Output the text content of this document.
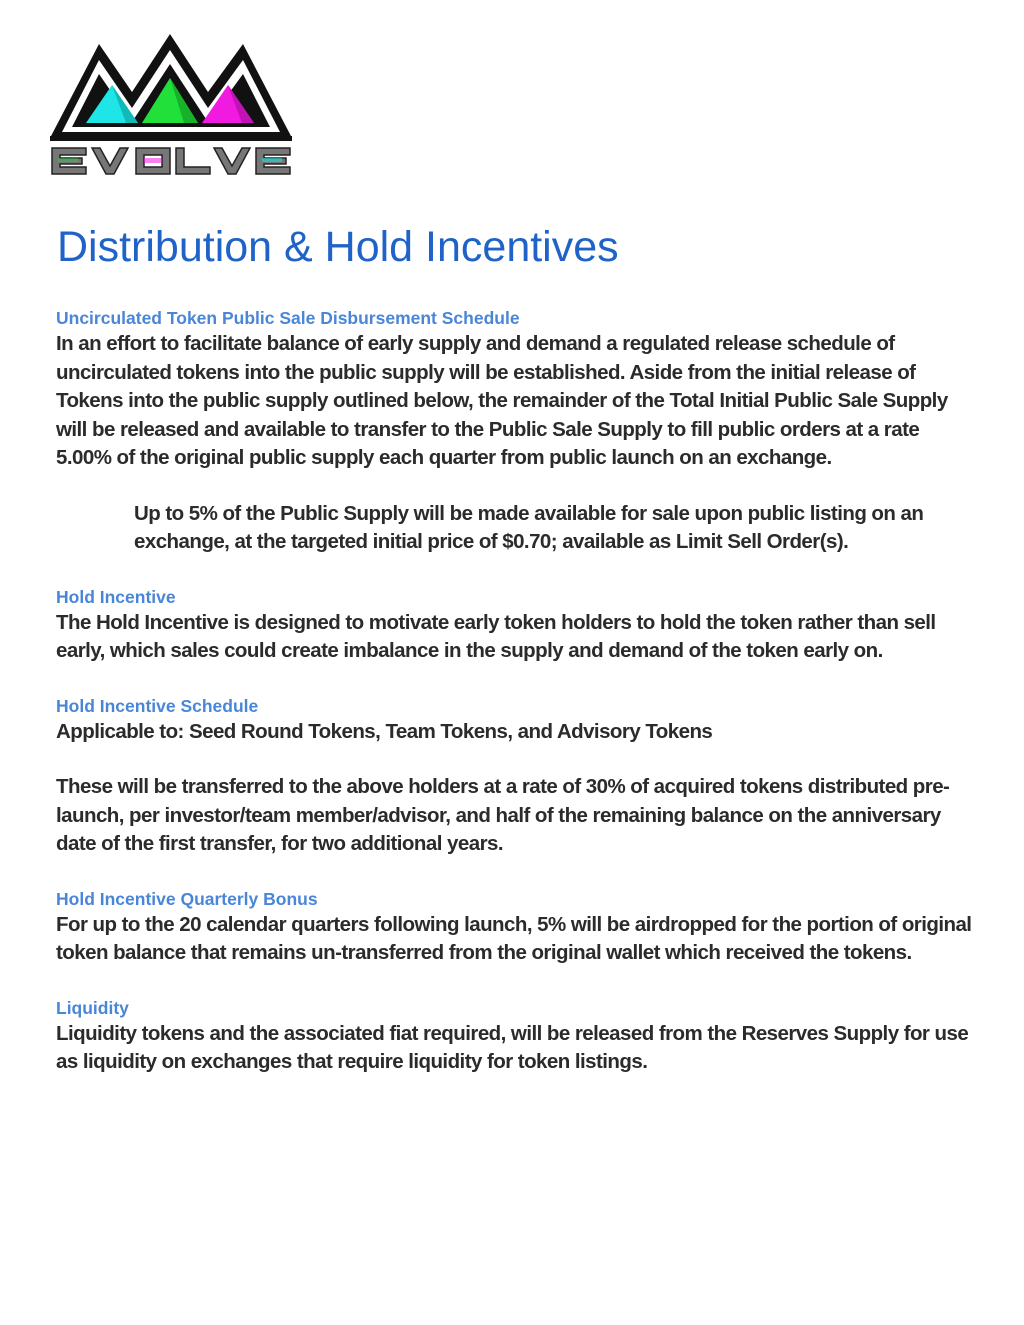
Distribution & Hold Incentives

Uncirculated Token Public Sale Disbursement Schedule

In an effort to facilitate balance of early supply and demand a regulated release schedule of uncirculated tokens into the public supply will be established. Aside from the initial release of Tokens into the public supply outlined below, the remainder of the Total Initial Public Sale Supply will be released and available to transfer to the Public Sale Supply to fill public orders at a rate 5.00% of the original public supply each quarter from public launch on an exchange.

Up to 5% of the Public Supply will be made available for sale upon public listing on an exchange, at the targeted initial price of $0.70; available as Limit Sell Order(s).

Hold Incentive

The Hold Incentive is designed to motivate early token holders to hold the token rather than sell early, which sales could create imbalance in the supply and demand of the token early on.

Hold Incentive Schedule

Applicable to: Seed Round Tokens, Team Tokens, and Advisory Tokens

These will be transferred to the above holders at a rate of 30% of acquired tokens distributed pre-launch, per investor/team member/advisor, and half of the remaining balance on the anniversary date of the first transfer, for two additional years.

Hold Incentive Quarterly Bonus

For up to the 20 calendar quarters following launch, 5% will be airdropped for the portion of original token balance that remains un-transferred from the original wallet which received the tokens.

Liquidity

Liquidity tokens and the associated fiat required, will be released from the Reserves Supply for use as liquidity on exchanges that require liquidity for token listings.
